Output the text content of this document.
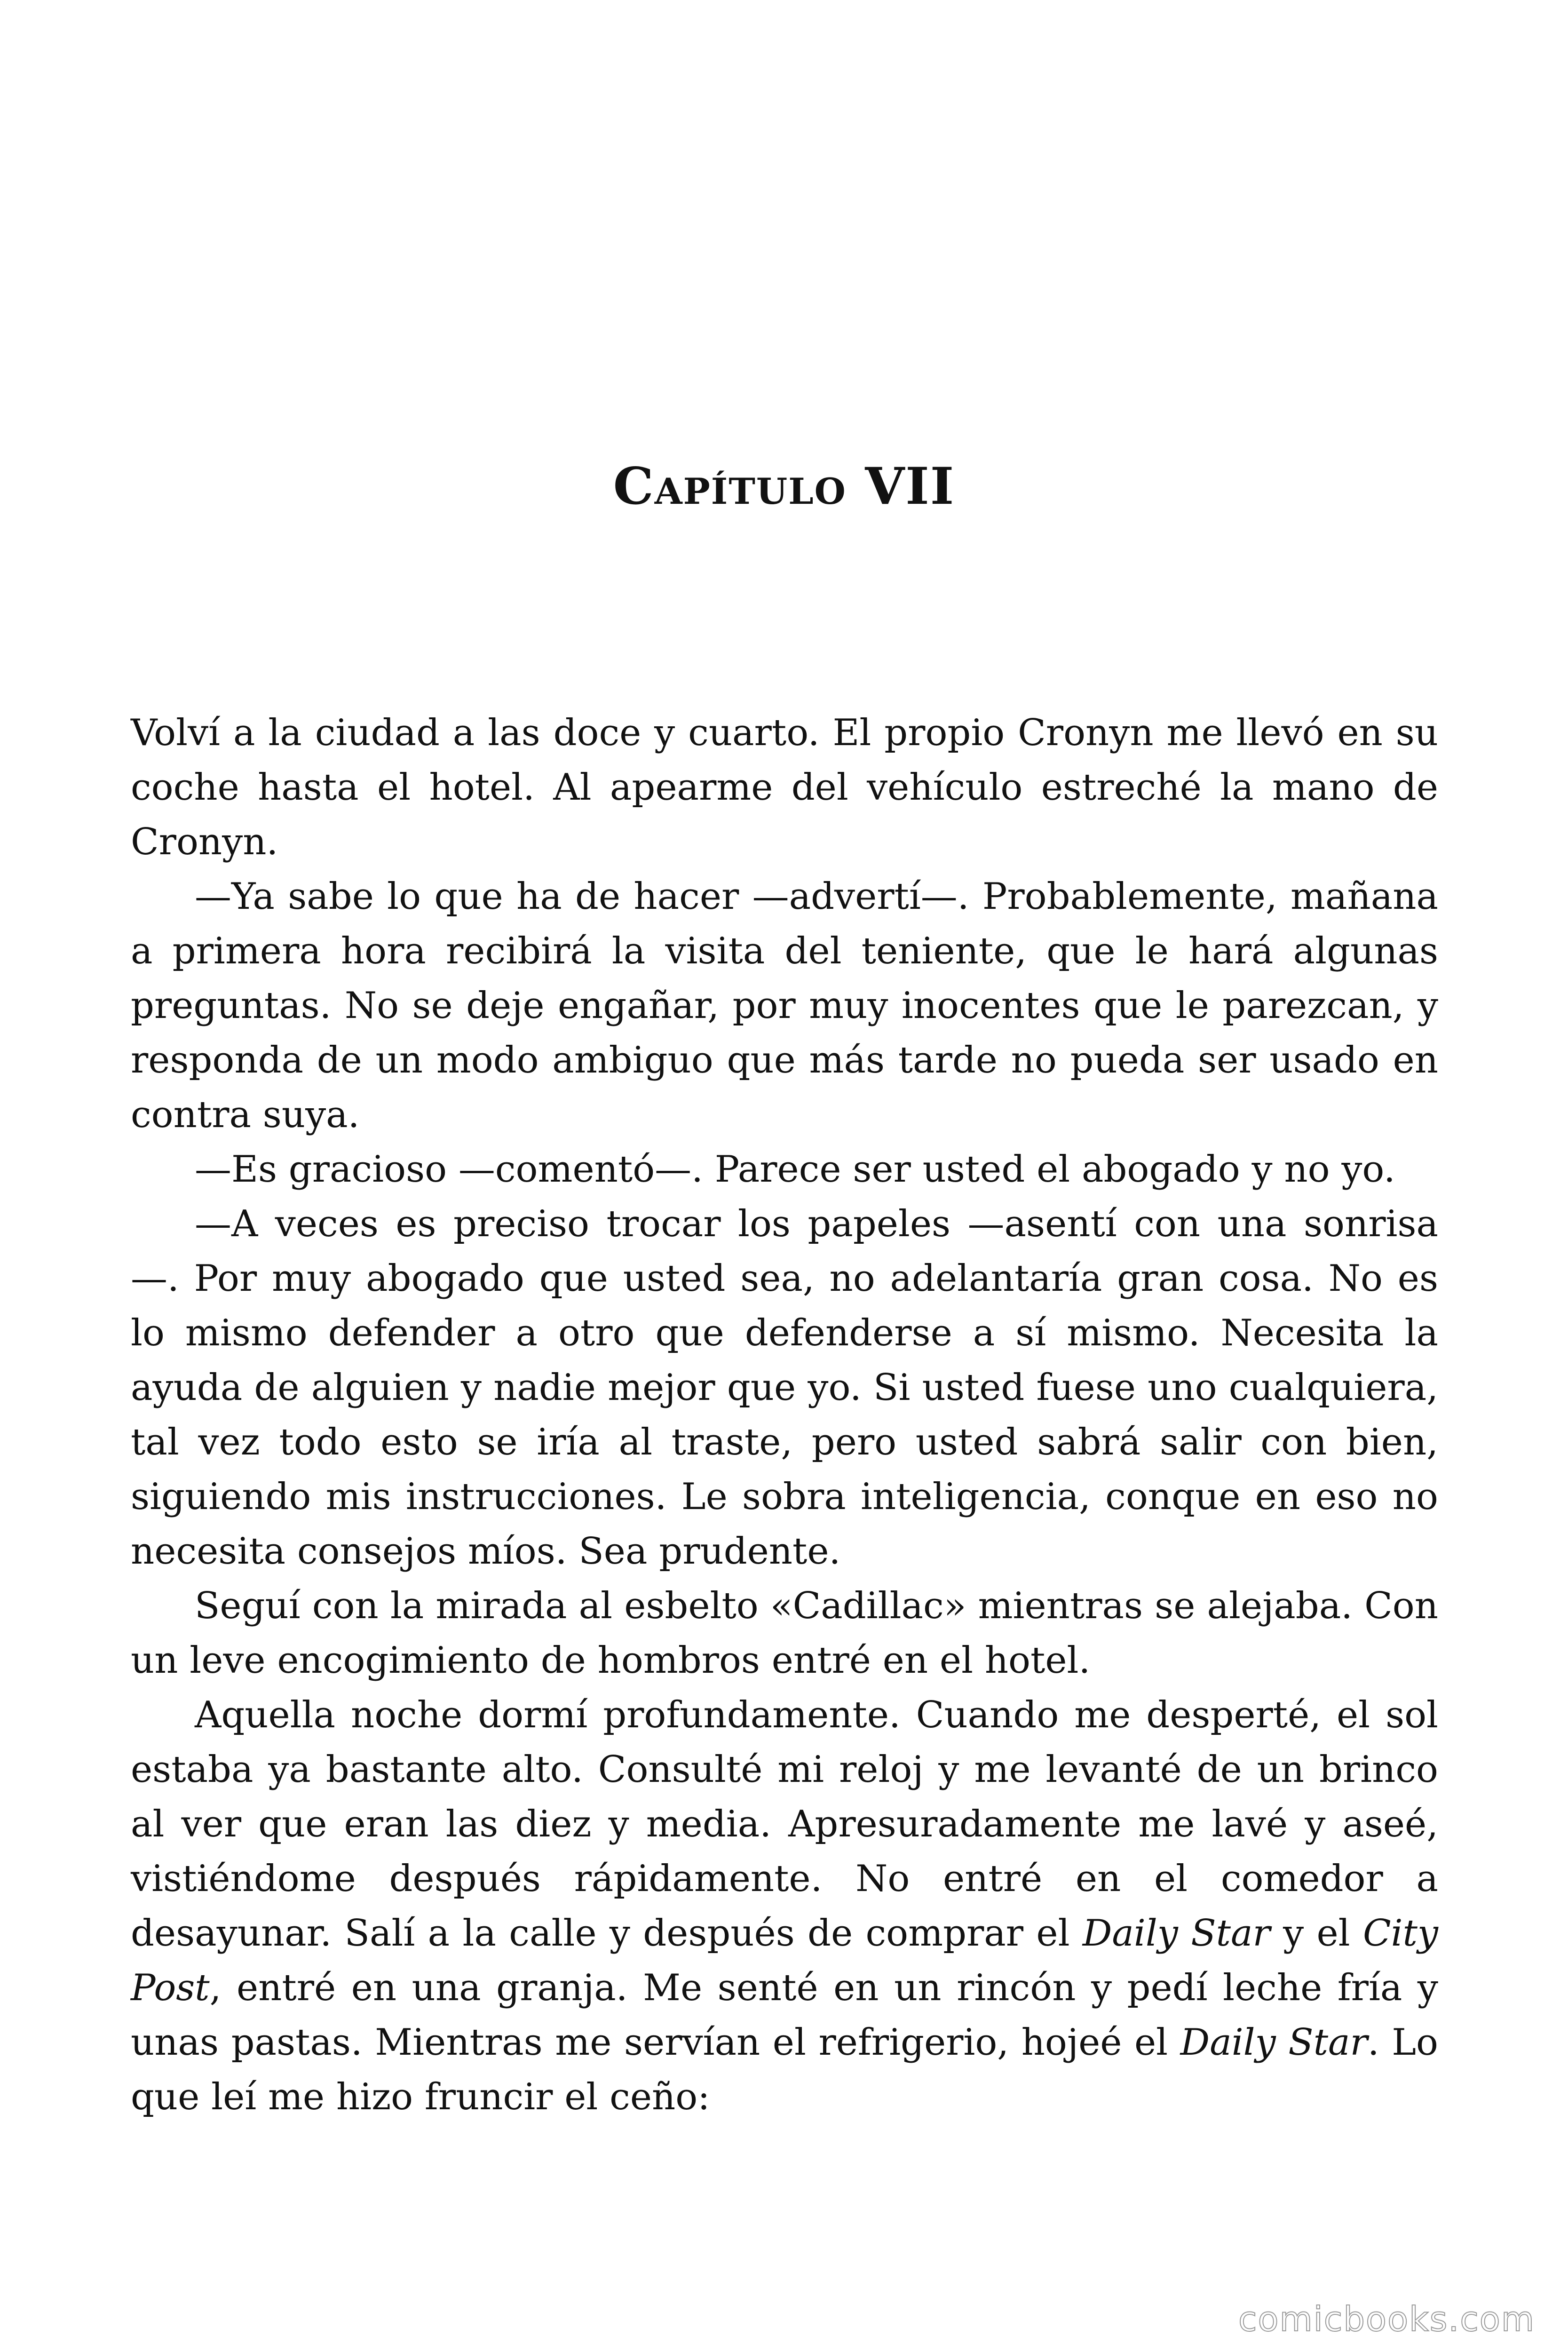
Capítulo VII

Volví a la ciudad a las doce y cuarto. El propio Cronyn me llevó en su coche hasta el hotel. Al apearme del vehículo estreché la mano de Cronyn.

—Ya sabe lo que ha de hacer —advertí—. Probablemente, mañana a primera hora recibirá la visita del teniente, que le hará algunas preguntas. No se deje engañar, por muy inocentes que le parezcan, y responda de un modo ambiguo que más tarde no pueda ser usado en contra suya.

—Es gracioso —comentó—. Parece ser usted el abogado y no yo.

—A veces es preciso trocar los papeles —asentí con una sonrisa —. Por muy abogado que usted sea, no adelantaría gran cosa. No es lo mismo defender a otro que defenderse a sí mismo. Necesita la ayuda de alguien y nadie mejor que yo. Si usted fuese uno cualquiera, tal vez todo esto se iría al traste, pero usted sabrá salir con bien, siguiendo mis instrucciones. Le sobra inteligencia, conque en eso no necesita consejos míos. Sea prudente.

Seguí con la mirada al esbelto «Cadillac» mientras se alejaba. Con un leve encogimiento de hombros entré en el hotel.

Aquella noche dormí profundamente. Cuando me desperté, el sol estaba ya bastante alto. Consulté mi reloj y me levanté de un brinco al ver que eran las diez y media. Apresuradamente me lavé y aseé, vistiéndome después rápidamente. No entré en el comedor a desayunar. Salí a la calle y después de comprar el Daily Star y el City Post, entré en una granja. Me senté en un rincón y pedí leche fría y unas pastas. Mientras me servían el refrigerio, hojeé el Daily Star. Lo que leí me hizo fruncir el ceño:

comicbooks.com
